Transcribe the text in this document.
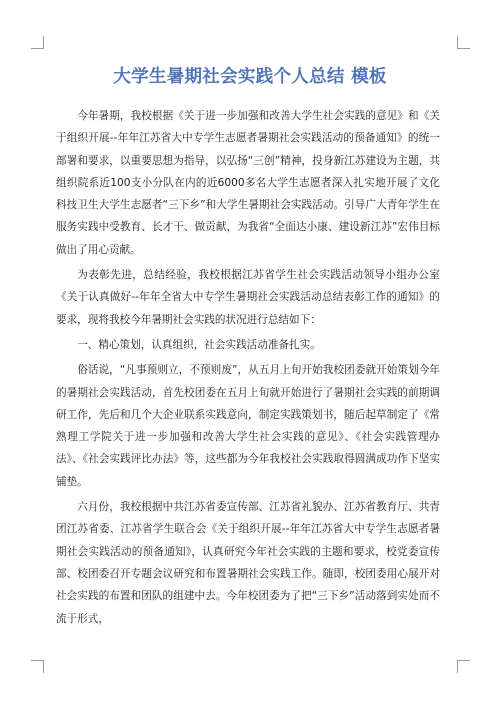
大学生暑期社会实践个人总结 模板

今年暑期，我校根据《关于进一步加强和改善大学生社会实践的意见》和《关于组织开展--年年江苏省大中专学生志愿者暑期社会实践活动的预备通知》的统一部署和要求，以重要思想为指导，以弘扬“三创”精神，投身新江苏建设为主题，共组织院系近100支小分队在内的近6000多名大学生志愿者深入扎实地开展了文化科技卫生大学生志愿者“三下乡”和大学生暑期社会实践活动。引导广大青年学生在服务实践中受教育、长才干、做贡献，为我省“全面达小康、建设新江苏”宏伟目标做出了用心贡献。

为表彰先进，总结经验，我校根据江苏省学生社会实践活动领导小组办公室《关于认真做好--年年全省大中专学生暑期社会实践活动总结表彰工作的通知》的要求，现将我校今年暑期社会实践的状况进行总结如下：

一、精心策划，认真组织，社会实践活动准备扎实。

俗话说，“凡事预则立，不预则废”，从五月上旬开始我校团委就开始策划今年的暑期社会实践活动，首先校团委在五月上旬就开始进行了暑期社会实践的前期调研工作，先后和几个大企业联系实践意向，制定实践策划书，随后起草制定了《常熟理工学院关于进一步加强和改善大学生社会实践的意见》、《社会实践管理办法》、《社会实践评比办法》等，这些都为今年我校社会实践取得圆满成功作下坚实铺垫。

六月份，我校根据中共江苏省委宣传部、江苏省礼貌办、江苏省教育厅、共青团江苏省委、江苏省学生联合会《关于组织开展--年年江苏省大中专学生志愿者暑期社会实践活动的预备通知》，认真研究今年社会实践的主题和要求，校党委宣传部、校团委召开专题会议研究和布置暑期社会实践工作。随即，校团委用心展开对社会实践的布置和团队的组建中去。今年校团委为了把“三下乡”活动落到实处而不流于形式，
